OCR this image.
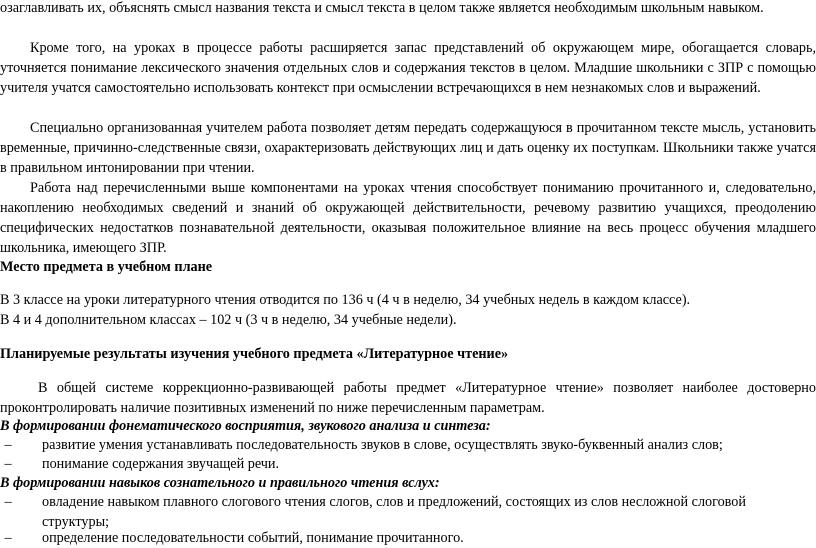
озаглавливать их, объяснять смысл названия текста и смысл текста в целом также является необходимым школьным навыком.

Кроме того, на уроках в процессе работы расширяется запас представлений об окружающем мире, обогащается словарь, уточняется понимание лексического значения отдельных слов и содержания текстов в целом. Младшие школьники с ЗПР с помощью учителя учатся самостоятельно использовать контекст при осмыслении встречающихся в нем незнакомых слов и выражений.

Специально организованная учителем работа позволяет детям передать содержащуюся в прочитанном тексте мысль, установить временные, причинно-следственные связи, охарактеризовать действующих лиц и дать оценку их поступкам. Школьники также учатся в правильном интонировании при чтении.

Работа над перечисленными выше компонентами на уроках чтения способствует пониманию прочитанного и, следовательно, накоплению необходимых сведений и знаний об окружающей действительности, речевому развитию учащихся, преодолению специфических недостатков познавательной деятельности, оказывая положительное влияние на весь процесс обучения младшего школьника, имеющего ЗПР.

Место предмета в учебном плане

В 3 классе на уроки литературного чтения отводится по 136 ч (4 ч в неделю, 34 учебных недель в каждом классе).

В 4 и 4 дополнительном классах – 102 ч (3 ч в неделю, 34 учебные недели).

Планируемые результаты изучения учебного предмета «Литературное чтение»

В общей системе коррекционно-развивающей работы предмет «Литературное чтение» позволяет наиболее достоверно проконтролировать наличие позитивных изменений по ниже перечисленным параметрам.

В формировании фонематического восприятия, звукового анализа и синтеза:

–	развитие умения устанавливать последовательность звуков в слове, осуществлять звуко-буквенный анализ слов;
–	понимание содержания звучащей речи.

В формировании навыков сознательного и правильного чтения вслух:

–	овладение навыком плавного слогового чтения слогов, слов и предложений, состоящих из слов несложной слоговой структуры;
–	определение последовательности событий, понимание прочитанного.
